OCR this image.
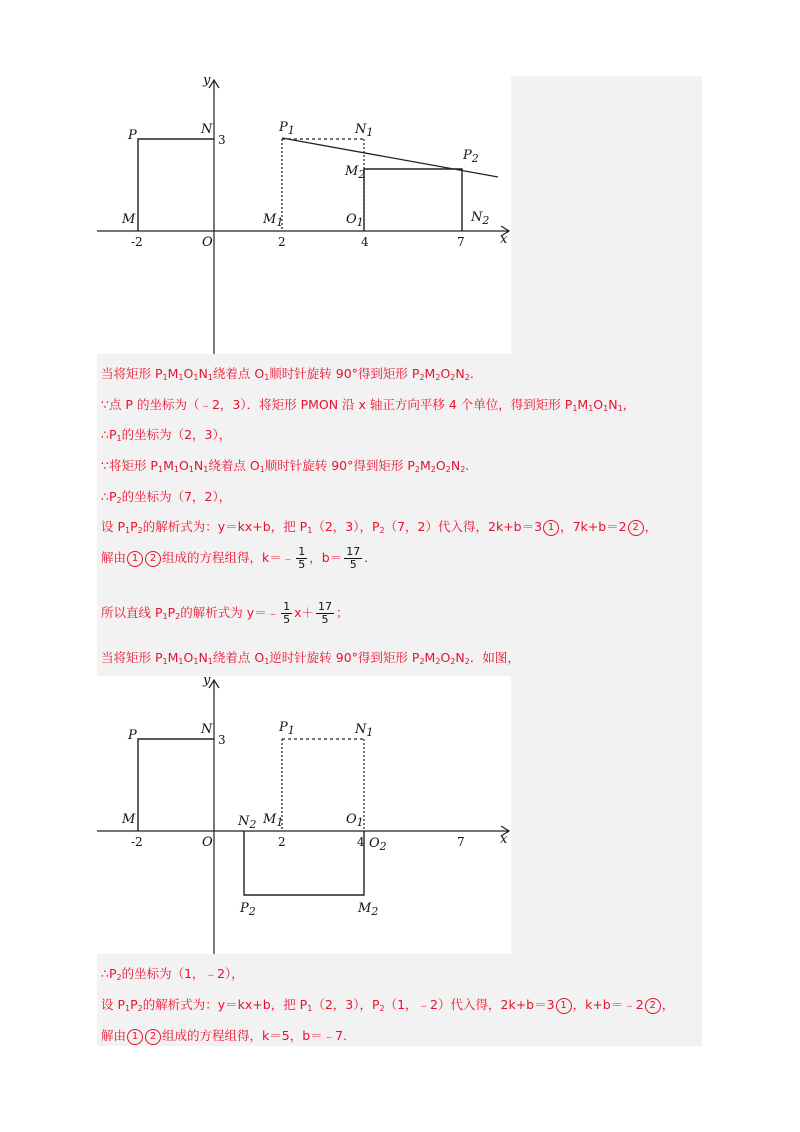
y
x
P	N
M
O
$P_1$	$N_1$
$P_2$
$M_2$
$M_1$	$O_1$	$N_2$
3
-2	2	4	7
当将矩形 $P_1M_1O_1N_1$绕着点 $O_1$顺时针旋转 90°得到矩形 $P_2M_2O_2N_2$.
∵点 P 的坐标为（﹣2，3）．将矩形 PMON 沿 x 轴正方向平移 4 个单位，得到矩形 $P_1M_1O_1N_1$，
$\therefore P_1$的坐标为（2，3），
∵将矩形 $P_1M_1O_1N_1$绕着点 $O_1$顺时针旋转 90°得到矩形 $P_2M_2O_2N_2$.
$\therefore P_2$的坐标为（7，2），
设 $P_1P_2$的解析式为：y＝kx+b，把 $P_1(2$，3），$P_2(7$，2）代入得，2k+b＝3 1 ，7k+b＝2 2 ，
解由 1 2 组成的方程组得，k＝﹣ $\frac{1}{5}$ ，$b= \frac{17}{5}$ ．
所以直线 $P_1P_2$的解析式为 y＝﹣ $\frac{1}{5} x+ \frac{17}{5}$ ；
当将矩形 $P_1M_1O_1N_1$绕着点 $O_1$逆时针旋转 90°得到矩形 $P_2M_2O_2N_2$．如图，
y
x
P	N
M
O
$P_1$	$N_1$
$N_2$ $M_1$	$O_1$
$O_2$
$P_2$	$M_2$
3
-2	2	4	7
$\therefore P_2$的坐标为（1，﹣2），
设 $P_1P_2$的解析式为：y＝kx+b，把 $P_1(2$，3），$P_2(1$，﹣2）代入得，2k+b＝3 1 ，k+b＝﹣2 2 ，
解由 1 2 组成的方程组得，k＝5，b＝﹣7.
